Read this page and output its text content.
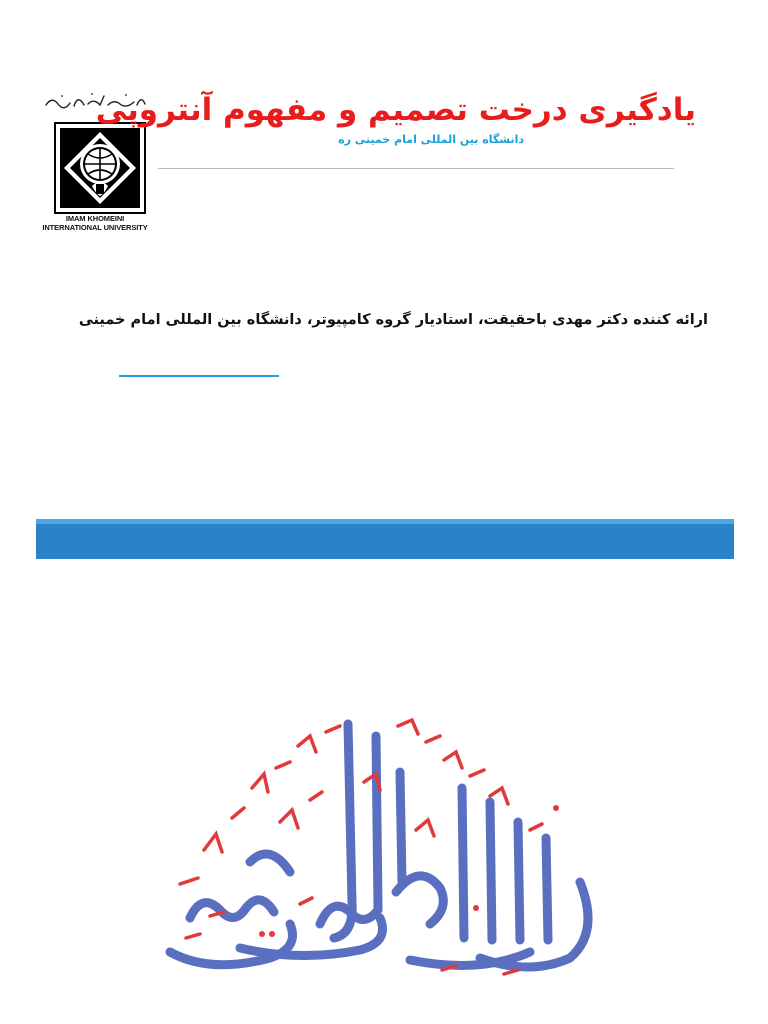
IMAM KHOMEINI
INTERNATIONAL UNIVERSITY
یادگیری درخت تصمیم و مفهوم آنتروپی
دانشگاه بین المللی امام خمینی ره
ارائه کننده دکتر مهدی باحقیقت، استادیار گروه کامپیوتر، دانشگاه بین المللی امام خمینی
